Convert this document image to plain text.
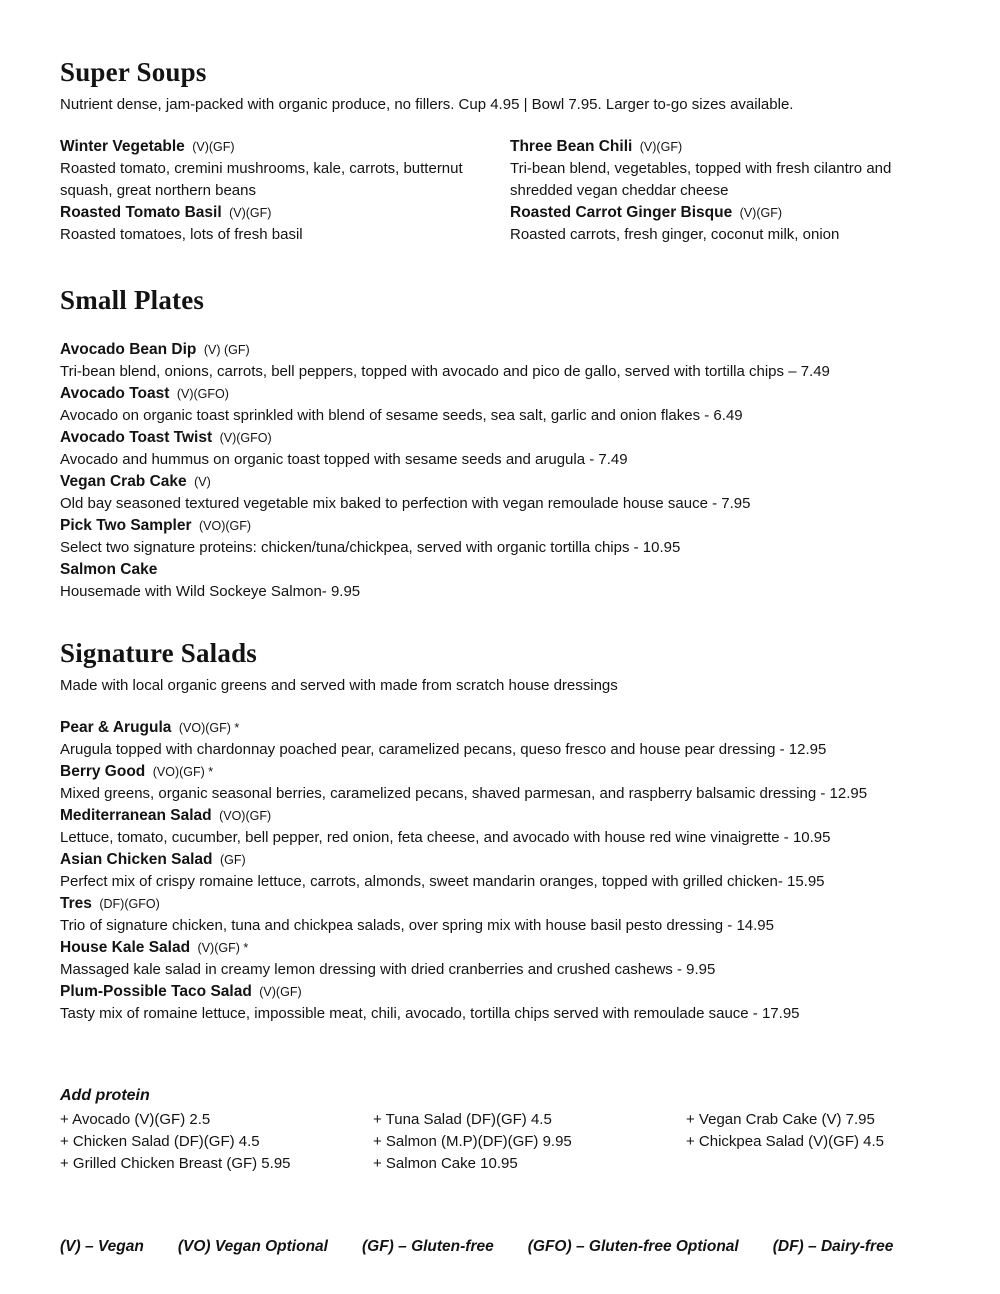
Super Soups

Nutrient dense, jam-packed with organic produce, no fillers. Cup 4.95 | Bowl 7.95. Larger to-go sizes available.

Winter Vegetable (V)(GF)
Roasted tomato, cremini mushrooms, kale, carrots, butternut squash, great northern beans
Roasted Tomato Basil (V)(GF)
Roasted tomatoes, lots of fresh basil
Three Bean Chili (V)(GF)
Tri-bean blend, vegetables, topped with fresh cilantro and shredded vegan cheddar cheese
Roasted Carrot Ginger Bisque (V)(GF)
Roasted carrots, fresh ginger, coconut milk, onion
Small Plates
Avocado Bean Dip (V) (GF)
Tri-bean blend, onions, carrots, bell peppers, topped with avocado and pico de gallo, served with tortilla chips – 7.49
Avocado Toast (V)(GFO)
Avocado on organic toast sprinkled with blend of sesame seeds, sea salt, garlic and onion flakes - 6.49
Avocado Toast Twist (V)(GFO)
Avocado and hummus on organic toast topped with sesame seeds and arugula - 7.49
Vegan Crab Cake (V)
Old bay seasoned textured vegetable mix baked to perfection with vegan remoulade house sauce - 7.95
Pick Two Sampler (VO)(GF)
Select two signature proteins: chicken/tuna/chickpea, served with organic tortilla chips - 10.95
Salmon Cake
Housemade with Wild Sockeye Salmon- 9.95
Signature Salads

Made with local organic greens and served with made from scratch house dressings

Pear & Arugula (VO)(GF) *
Arugula topped with chardonnay poached pear, caramelized pecans, queso fresco and house pear dressing - 12.95
Berry Good (VO)(GF) *
Mixed greens, organic seasonal berries, caramelized pecans, shaved parmesan, and raspberry balsamic dressing - 12.95
Mediterranean Salad (VO)(GF)
Lettuce, tomato, cucumber, bell pepper, red onion, feta cheese, and avocado with house red wine vinaigrette - 10.95
Asian Chicken Salad (GF)
Perfect mix of crispy romaine lettuce, carrots, almonds, sweet mandarin oranges, topped with grilled chicken- 15.95
Tres (DF)(GFO)
Trio of signature chicken, tuna and chickpea salads, over spring mix with house basil pesto dressing - 14.95
House Kale Salad (V)(GF) *
Massaged kale salad in creamy lemon dressing with dried cranberries and crushed cashews - 9.95
Plum-Possible Taco Salad (V)(GF)
Tasty mix of romaine lettuce, impossible meat, chili, avocado, tortilla chips served with remoulade sauce - 17.95

Add protein

+ Avocado (V)(GF) 2.5
+ Chicken Salad (DF)(GF) 4.5
+ Grilled Chicken Breast (GF) 5.95
+ Tuna Salad (DF)(GF) 4.5
+ Salmon (M.P)(DF)(GF) 9.95
+ Salmon Cake 10.95
+ Vegan Crab Cake (V) 7.95
+ Chickpea Salad (V)(GF) 4.5
(V) – Vegan (VO) Vegan Optional (GF) – Gluten-free (GFO) – Gluten-free Optional (DF) – Dairy-free
